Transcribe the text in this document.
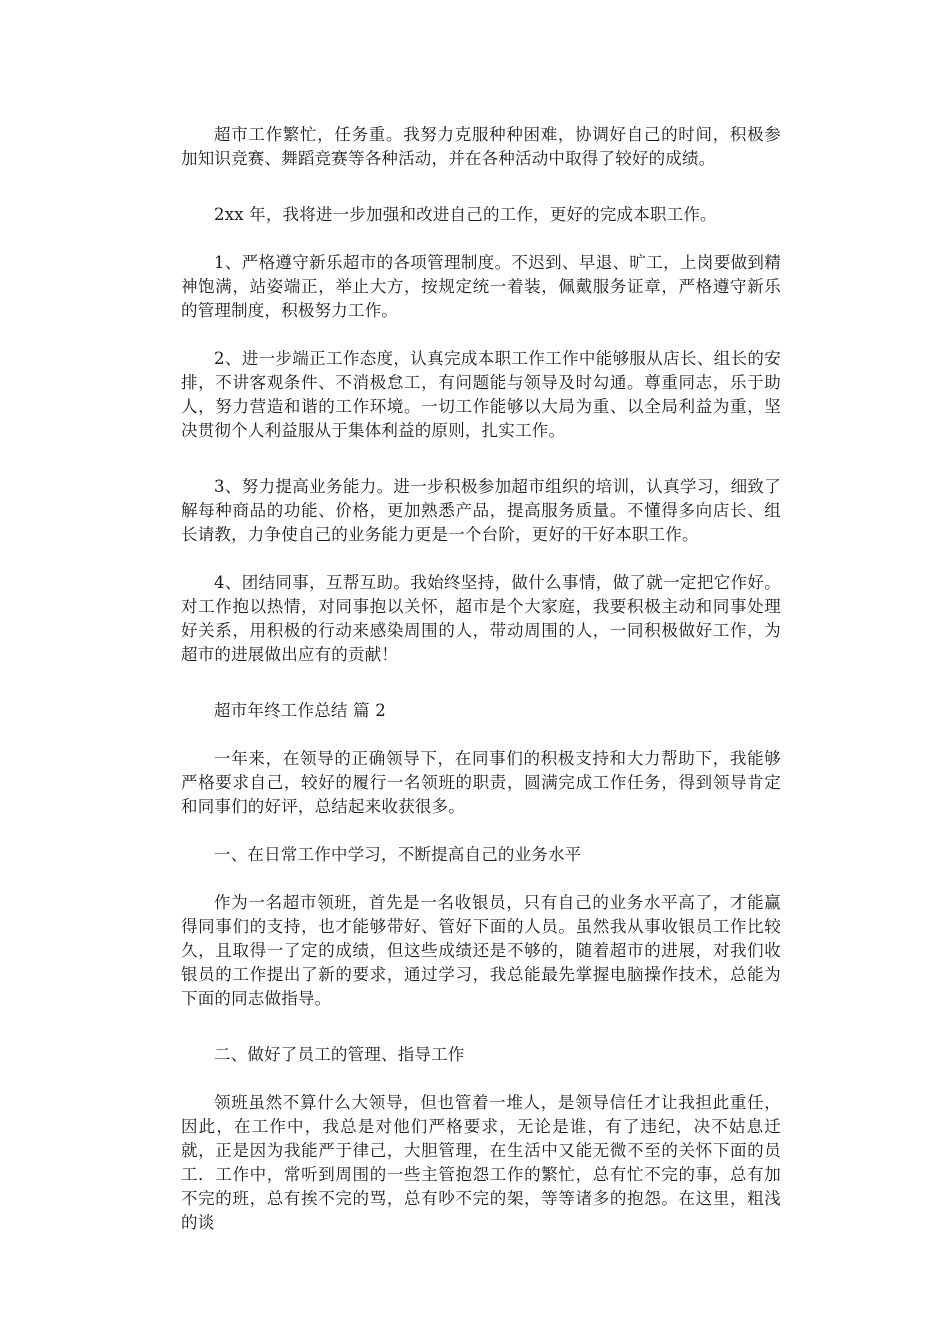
超市工作繁忙，任务重。我努力克服种种困难，协调好自己的时间，积极参加知识竞赛、舞蹈竞赛等各种活动，并在各种活动中取得了较好的成绩。

2xx 年，我将进一步加强和改进自己的工作，更好的完成本职工作。

1、严格遵守新乐超市的各项管理制度。不迟到、早退、旷工，上岗要做到精神饱满，站姿端正，举止大方，按规定统一着装，佩戴服务证章，严格遵守新乐的管理制度，积极努力工作。

2、进一步端正工作态度，认真完成本职工作工作中能够服从店长、组长的安排，不讲客观条件、不消极怠工，有问题能与领导及时勾通。尊重同志，乐于助人，努力营造和谐的工作环境。一切工作能够以大局为重、以全局利益为重，坚决贯彻个人利益服从于集体利益的原则，扎实工作。

3、努力提高业务能力。进一步积极参加超市组织的培训，认真学习，细致了解每种商品的功能、价格，更加熟悉产品，提高服务质量。不懂得多向店长、组长请教，力争使自己的业务能力更是一个台阶，更好的干好本职工作。

4、团结同事，互帮互助。我始终坚持，做什么事情，做了就一定把它作好。对工作抱以热情，对同事抱以关怀，超市是个大家庭，我要积极主动和同事处理好关系，用积极的行动来感染周围的人，带动周围的人，一同积极做好工作，为超市的进展做出应有的贡献！

超市年终工作总结 篇 2

一年来，在领导的正确领导下，在同事们的积极支持和大力帮助下，我能够严格要求自己，较好的履行一名领班的职责，圆满完成工作任务，得到领导肯定和同事们的好评，总结起来收获很多。

一、在日常工作中学习，不断提高自己的业务水平

作为一名超市领班，首先是一名收银员，只有自己的业务水平高了，才能赢得同事们的支持，也才能够带好、管好下面的人员。虽然我从事收银员工作比较久，且取得一了定的成绩，但这些成绩还是不够的，随着超市的进展，对我们收银员的工作提出了新的要求，通过学习，我总能最先掌握电脑操作技术，总能为下面的同志做指导。

二、做好了员工的管理、指导工作

领班虽然不算什么大领导，但也管着一堆人，是领导信任才让我担此重任，因此，在工作中，我总是对他们严格要求，无论是谁，有了违纪，决不姑息迁就，正是因为我能严于律己，大胆管理，在生活中又能无微不至的关怀下面的员工．工作中，常听到周围的一些主管抱怨工作的繁忙，总有忙不完的事，总有加不完的班，总有挨不完的骂，总有吵不完的架，等等诸多的抱怨。在这里，粗浅的谈
